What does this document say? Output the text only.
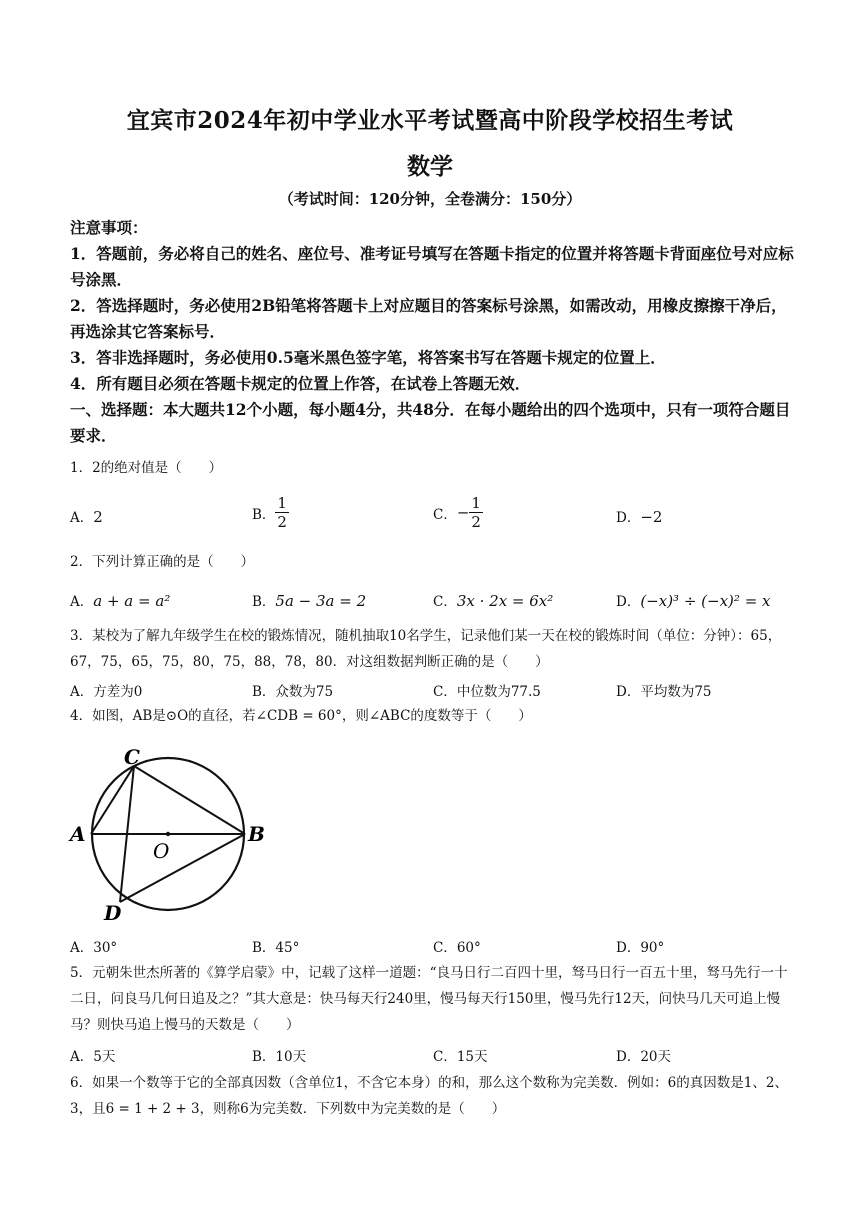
宜宾市2024年初中学业水平考试暨高中阶段学校招生考试
数学
（考试时间：120分钟，全卷满分：150分）

注意事项：

1．答题前，务必将自己的姓名、座位号、准考证号填写在答题卡指定的位置并将答题卡背面座位号对应标号涂黑．

2．答选择题时，务必使用2B铅笔将答题卡上对应题目的答案标号涂黑，如需改动，用橡皮擦擦干净后，再选涂其它答案标号．

3．答非选择题时，务必使用0.5毫米黑色签字笔，将答案书写在答题卡规定的位置上．

4．所有题目必须在答题卡规定的位置上作答，在试卷上答题无效．

一、选择题：本大题共12个小题，每小题4分，共48分．在每小题给出的四个选项中，只有一项符合题目要求．

1．2的绝对值是（　　）

A．2	B． $\frac{1}{2}$	C．− $\frac{1}{2}$	D．−2

2．下列计算正确的是（　　）

A．a + a = a²	B．5a − 3a = 2	C．3x · 2x = 6x²	D．(−x)³ ÷ (−x)² = x

3．某校为了解九年级学生在校的锻炼情况，随机抽取10名学生，记录他们某一天在校的锻炼时间（单位：分钟）：65，67，75，65，75，80，75，88，78，80．对这组数据判断正确的是（　　）

A．方差为0	B．众数为75	C．中位数为77.5	D．平均数为75

4．如图，AB是⊙O的直径，若∠CDB = 60°，则∠ABC的度数等于（　　）

C
A
O
B
D
A．30°	B．45°	C．60°	D．90°

5．元朝朱世杰所著的《算学启蒙》中，记载了这样一道题：“良马日行二百四十里，驽马日行一百五十里，驽马先行一十二日，问良马几何日追及之？”其大意是：快马每天行240里，慢马每天行150里，慢马先行12天，问快马几天可追上慢马？则快马追上慢马的天数是（　　）

A．5天	B．10天	C．15天	D．20天

6．如果一个数等于它的全部真因数（含单位1，不含它本身）的和，那么这个数称为完美数．例如：6的真因数是1、2、3，且6 = 1 + 2 + 3，则称6为完美数．下列数中为完美数的是（　　）
